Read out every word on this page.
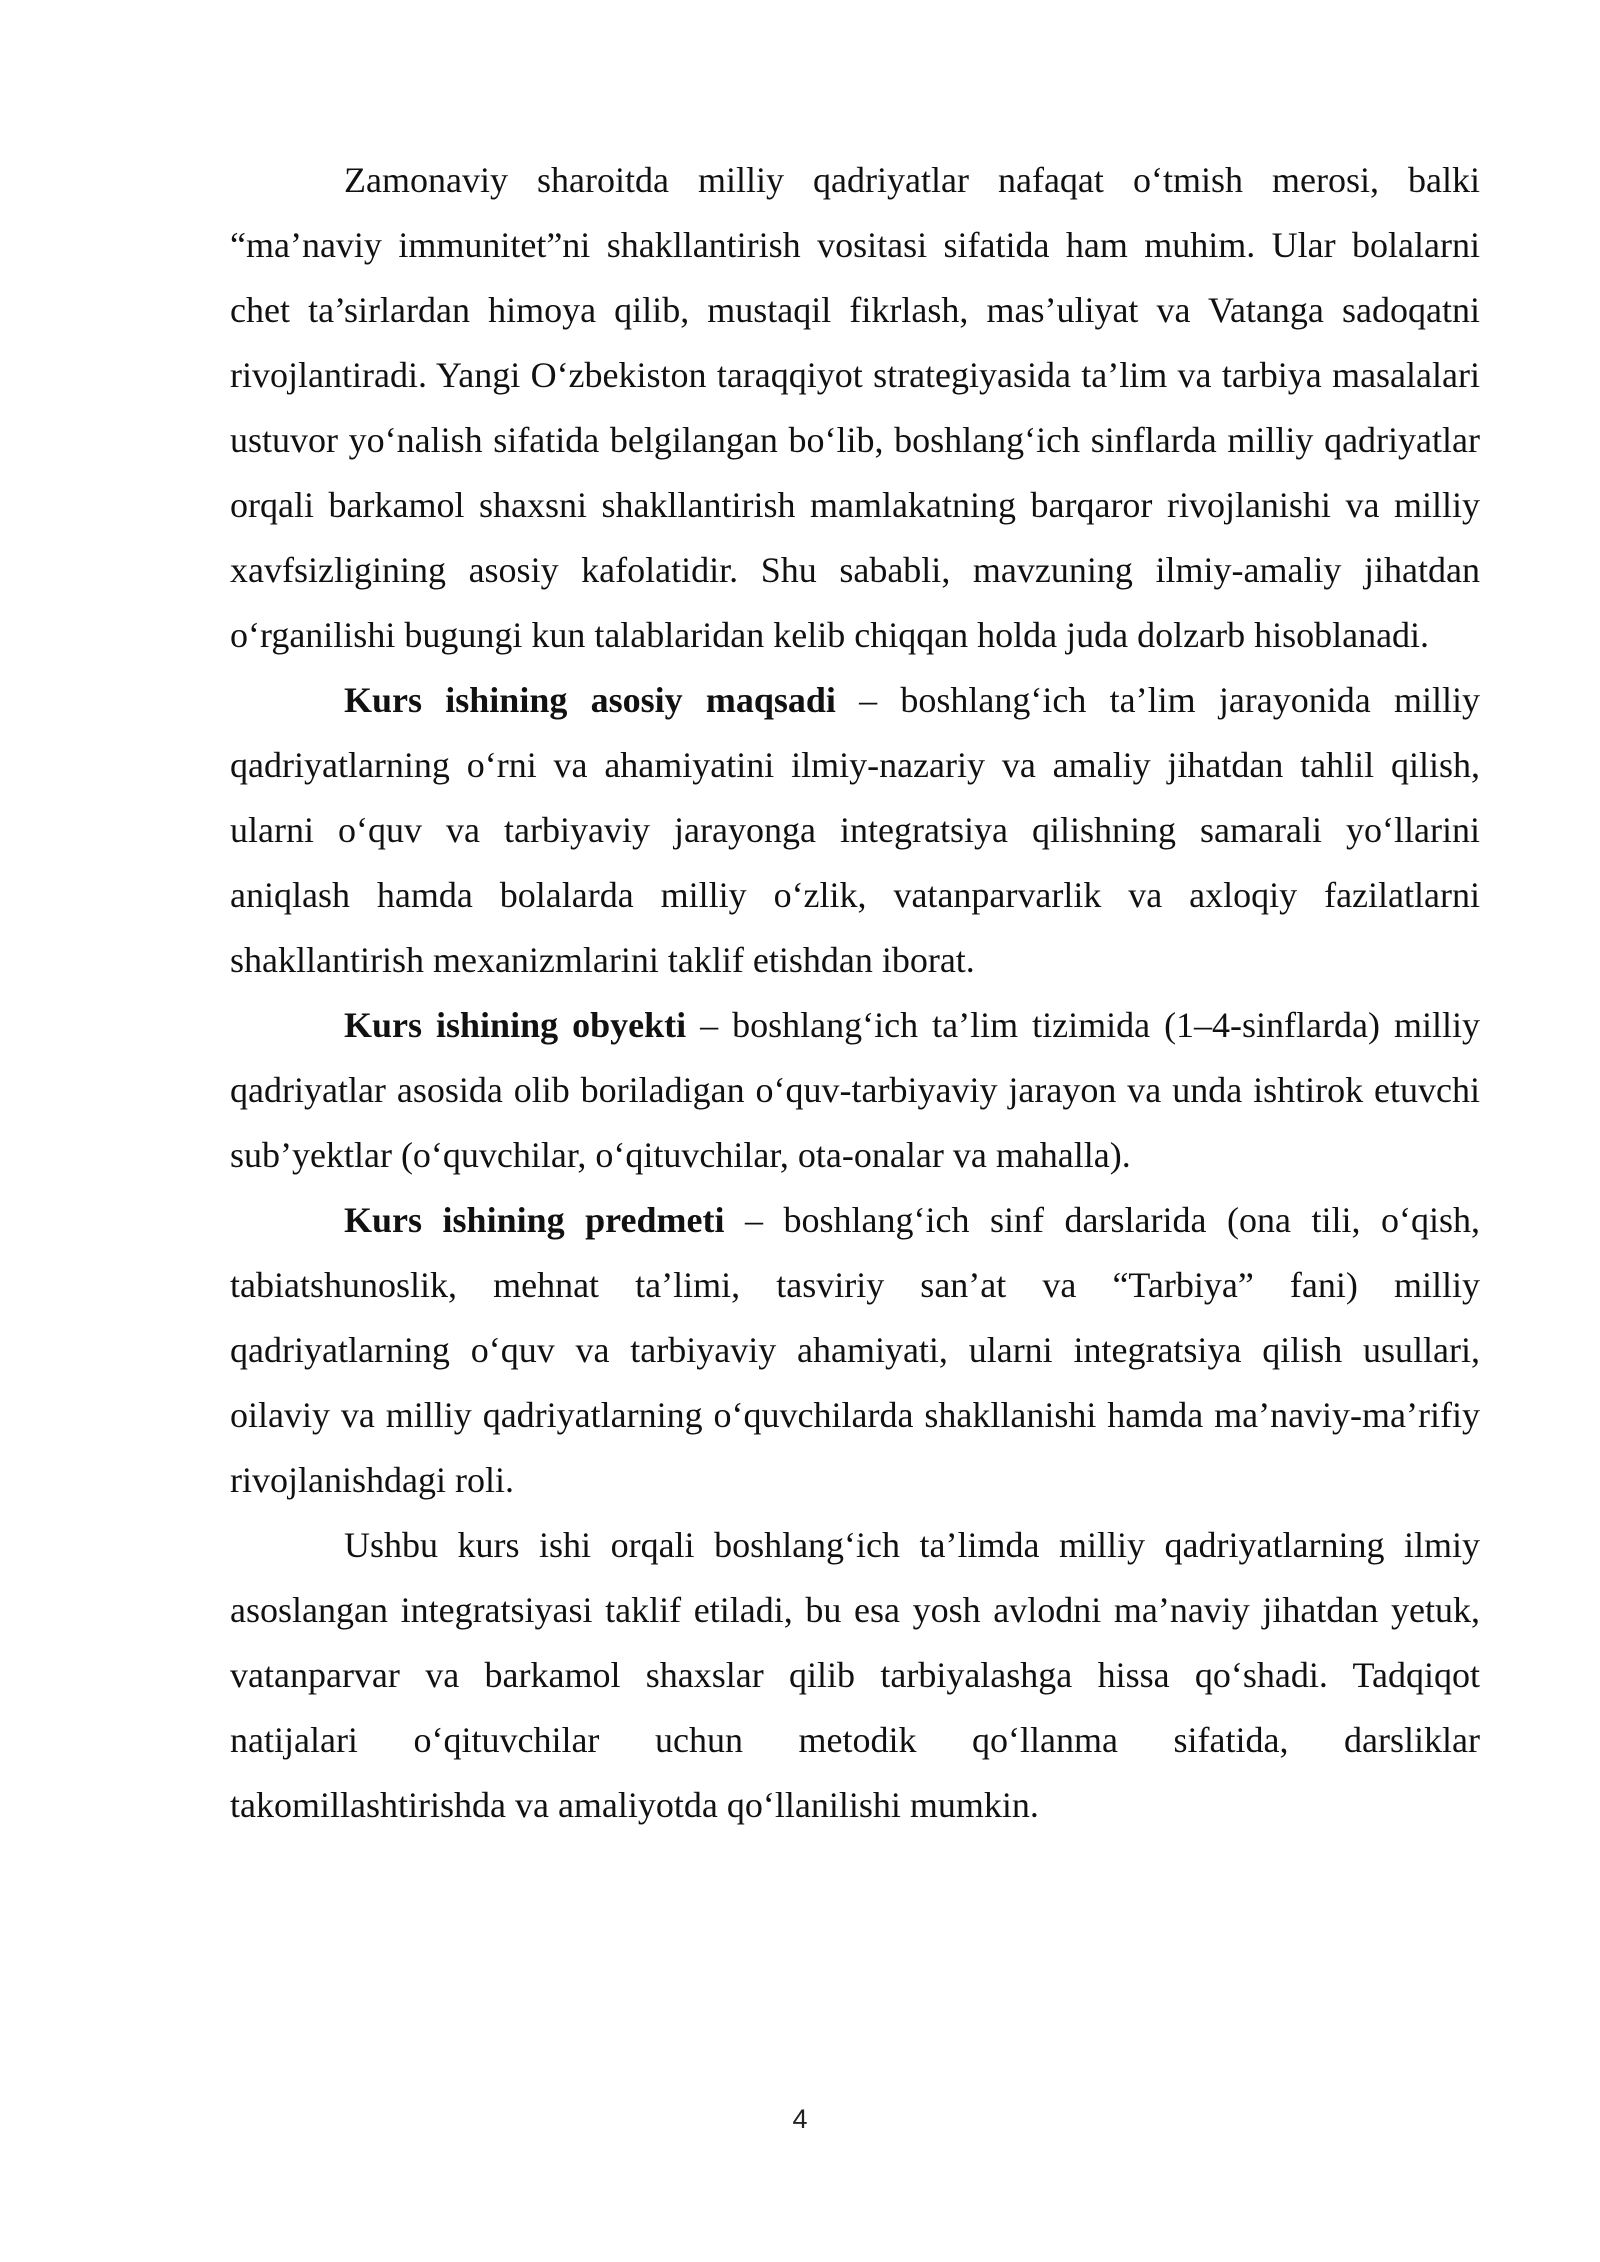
Zamonaviy sharoitda milliy qadriyatlar nafaqat o‘tmish merosi, balki “ma’naviy immunitet”ni shakllantirish vositasi sifatida ham muhim. Ular bolalarni chet ta’sirlardan himoya qilib, mustaqil fikrlash, mas’uliyat va Vatanga sadoqatni rivojlantiradi. Yangi O‘zbekiston taraqqiyot strategiyasida ta’lim va tarbiya masalalari ustuvor yo‘nalish sifatida belgilangan bo‘lib, boshlang‘ich sinflarda milliy qadriyatlar orqali barkamol shaxsni shakllantirish mamlakatning barqaror rivojlanishi va milliy xavfsizligining asosiy kafolatidir. Shu sababli, mavzuning ilmiy-amaliy jihatdan o‘rganilishi bugungi kun talablaridan kelib chiqqan holda juda dolzarb hisoblanadi.

Kurs ishining asosiy maqsadi – boshlang‘ich ta’lim jarayonida milliy qadriyatlarning o‘rni va ahamiyatini ilmiy-nazariy va amaliy jihatdan tahlil qilish, ularni o‘quv va tarbiyaviy jarayonga integratsiya qilishning samarali yo‘llarini aniqlash hamda bolalarda milliy o‘zlik, vatanparvarlik va axloqiy fazilatlarni shakllantirish mexanizmlarini taklif etishdan iborat.

Kurs ishining obyekti – boshlang‘ich ta’lim tizimida (1–4-sinflarda) milliy qadriyatlar asosida olib boriladigan o‘quv-tarbiyaviy jarayon va unda ishtirok etuvchi sub’yektlar (o‘quvchilar, o‘qituvchilar, ota-onalar va mahalla).

Kurs ishining predmeti – boshlang‘ich sinf darslarida (ona tili, o‘qish, tabiatshunoslik, mehnat ta’limi, tasviriy san’at va “Tarbiya” fani) milliy qadriyatlarning o‘quv va tarbiyaviy ahamiyati, ularni integratsiya qilish usullari, oilaviy va milliy qadriyatlarning o‘quvchilarda shakllanishi hamda ma’naviy-ma’rifiy rivojlanishdagi roli.

Ushbu kurs ishi orqali boshlang‘ich ta’limda milliy qadriyatlarning ilmiy asoslangan integratsiyasi taklif etiladi, bu esa yosh avlodni ma’naviy jihatdan yetuk, vatanparvar va barkamol shaxslar qilib tarbiyalashga hissa qo‘shadi. Tadqiqot natijalari o‘qituvchilar uchun metodik qo‘llanma sifatida, darsliklar takomillashtirishda va amaliyotda qo‘llanilishi mumkin.

4
